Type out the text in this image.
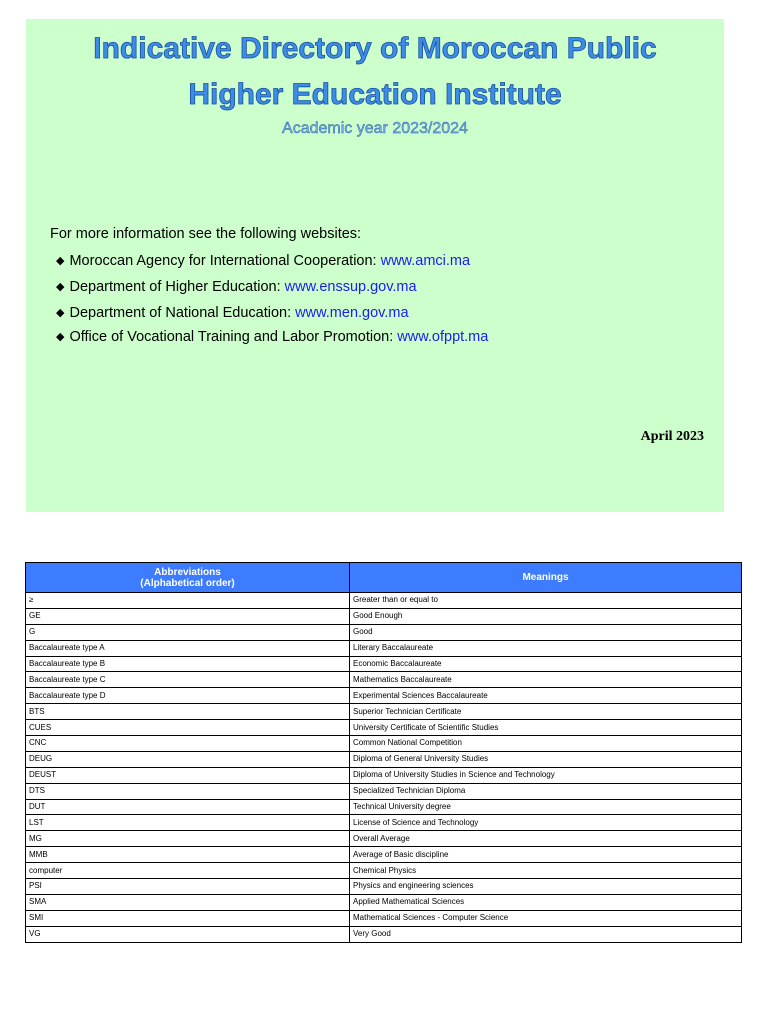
Indicative Directory of Moroccan Public
Higher Education Institute
Academic year 2023/2024
For more information see the following websites:
◆ Moroccan Agency for International Cooperation: www.amci.ma
◆ Department of Higher Education: www.enssup.gov.ma
◆ Department of National Education: www.men.gov.ma
◆ Office of Vocational Training and Labor Promotion: www.ofppt.ma
April 2023
Abbreviations
(Alphabetical order)	Meanings
≥	Greater than or equal to
GE	Good Enough
G	Good
Baccalaureate type A	Literary Baccalaureate
Baccalaureate type B	Economic Baccalaureate
Baccalaureate type C	Mathematics Baccalaureate
Baccalaureate type D	Experimental Sciences Baccalaureate
BTS	Superior Technician Certificate
CUES	University Certificate of Scientific Studies
CNC	Common National Competition
DEUG	Diploma of General University Studies
DEUST	Diploma of University Studies in Science and Technology
DTS	Specialized Technician Diploma
DUT	Technical University degree
LST	License of Science and Technology
MG	Overall Average
MMB	Average of Basic discipline
computer	Chemical Physics
PSI	Physics and engineering sciences
SMA	Applied Mathematical Sciences
SMI	Mathematical Sciences - Computer Science
VG	Very Good
